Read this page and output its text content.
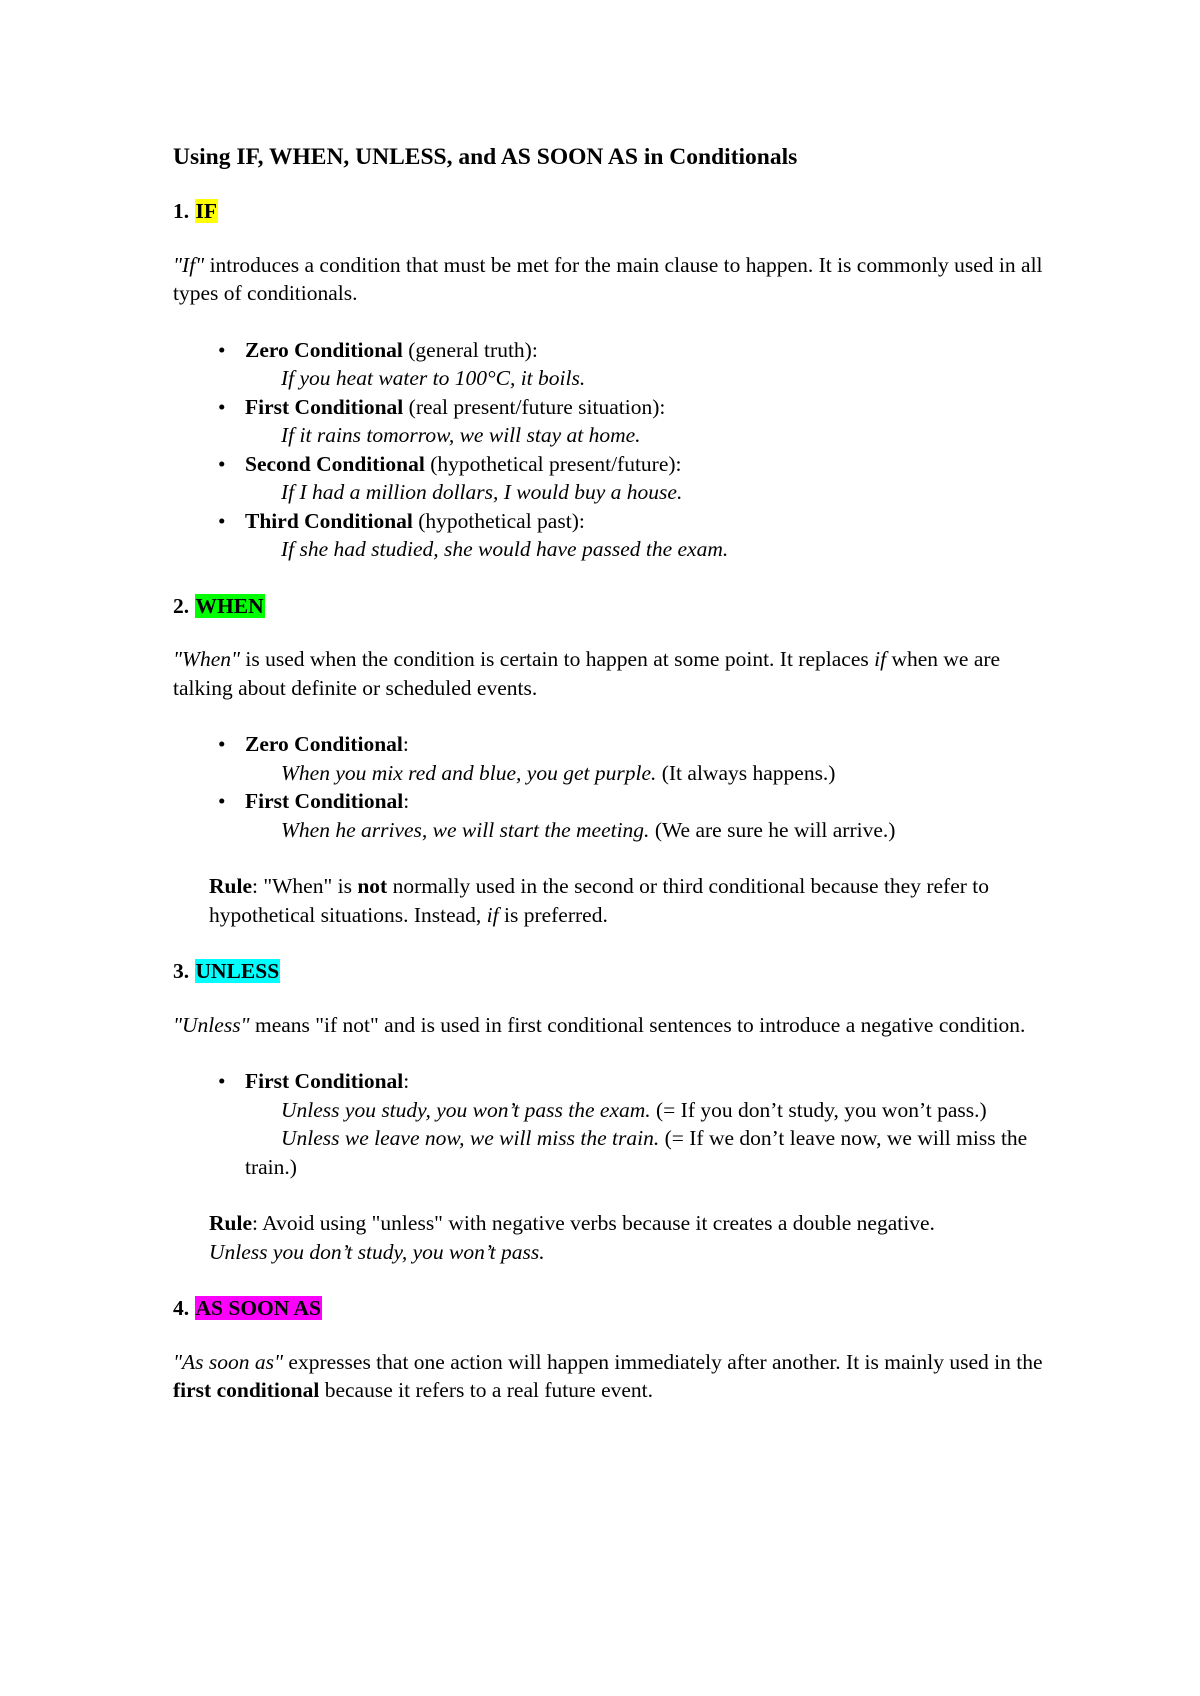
Using IF, WHEN, UNLESS, and AS SOON AS in Conditionals
1. IF

"If" introduces a condition that must be met for the main clause to happen. It is commonly used in all types of conditionals.

• Zero Conditional (general truth):
If you heat water to 100°C, it boils.
• First Conditional (real present/future situation):
If it rains tomorrow, we will stay at home.
• Second Conditional (hypothetical present/future):
If I had a million dollars, I would buy a house.
• Third Conditional (hypothetical past):
If she had studied, she would have passed the exam.
2. WHEN

"When" is used when the condition is certain to happen at some point. It replaces if when we are talking about definite or scheduled events.

• Zero Conditional:
When you mix red and blue, you get purple. (It always happens.)
• First Conditional:
When he arrives, we will start the meeting. (We are sure he will arrive.)

Rule: "When" is not normally used in the second or third conditional because they refer to hypothetical situations. Instead, if is preferred.

3. UNLESS

"Unless" means "if not" and is used in first conditional sentences to introduce a negative condition.

• First Conditional:
Unless you study, you won’t pass the exam. (= If you don’t study, you won’t pass.)
Unless we leave now, we will miss the train. (= If we don’t leave now, we will miss the train.)

Rule: Avoid using "unless" with negative verbs because it creates a double negative.

Unless you don’t study, you won’t pass.

4. AS SOON AS

"As soon as" expresses that one action will happen immediately after another. It is mainly used in the first conditional because it refers to a real future event.
